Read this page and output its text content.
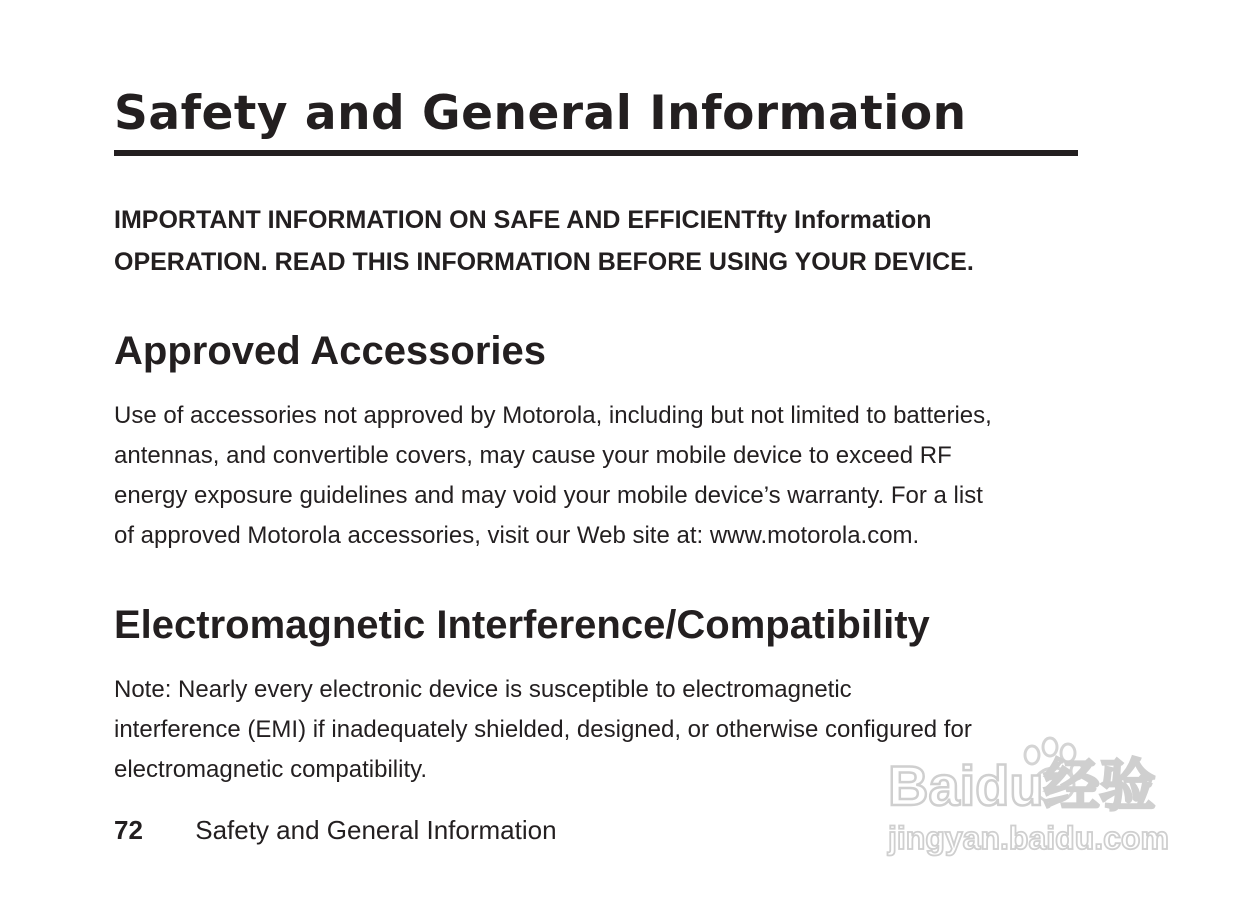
Safety and General Information

IMPORTANT INFORMATION ON SAFE AND EFFICIENTfty Information
OPERATION. READ THIS INFORMATION BEFORE USING YOUR DEVICE.

Approved Accessories

Use of accessories not approved by Motorola, including but not limited to batteries,
antennas, and convertible covers, may cause your mobile device to exceed RF
energy exposure guidelines and may void your mobile device’s warranty. For a list
of approved Motorola accessories, visit our Web site at: www.motorola.com.

Electromagnetic Interference/Compatibility

Note: Nearly every electronic device is susceptible to electromagnetic
interference (EMI) if inadequately shielded, designed, or otherwise configured for
electromagnetic compatibility.

72 Safety and General Information
Baidu经验
jingyan.baidu.com
